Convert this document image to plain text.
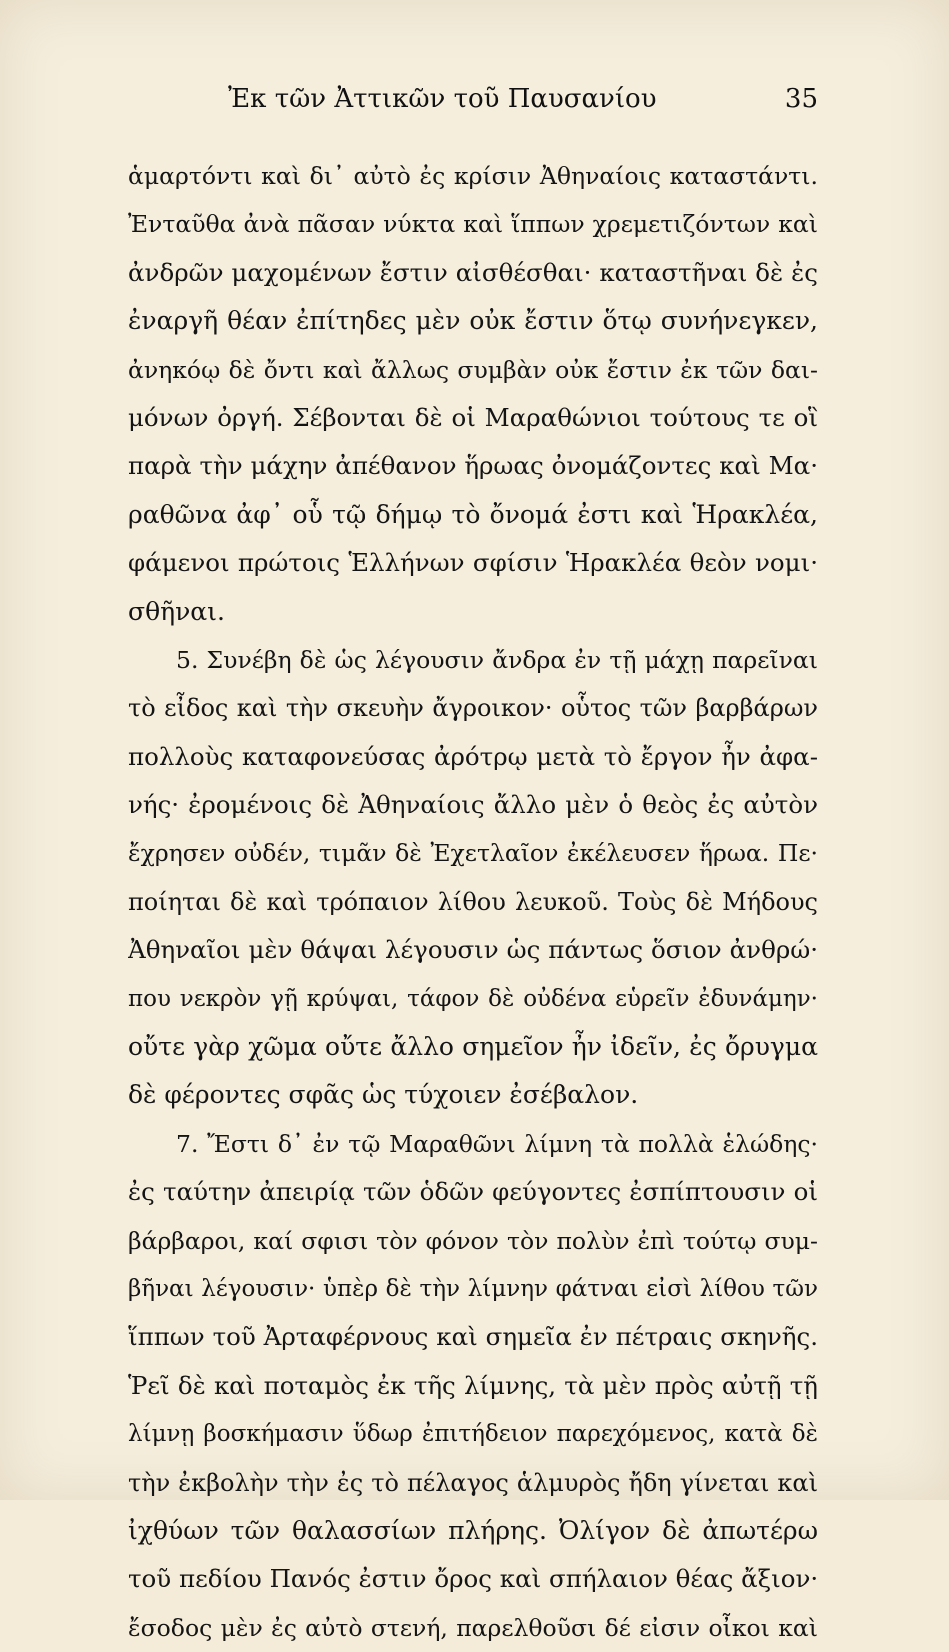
Ἐκ τῶν Ἀττικῶν τοῦ Παυσανίου	35
ἁμαρτόντι καὶ δι᾽ αὐτὸ ἐς κρίσιν Ἀθηναίοις καταστάντι.
Ἐνταῦθα ἀνὰ πᾶσαν νύκτα καὶ ἵππων χρεμετιζόντων καὶ
ἀνδρῶν μαχομένων ἔστιν αἰσθέσθαι· καταστῆναι δὲ ἐς
ἐναργῆ θέαν ἐπίτηδες μὲν οὐκ ἔστιν ὅτῳ συνήνεγκεν,
ἀνηκόῳ δὲ ὄντι καὶ ἄλλως συμβὰν οὐκ ἔστιν ἐκ τῶν δαι-
μόνων ὀργή. Σέβονται δὲ οἱ Μαραθώνιοι τούτους τε οἳ
παρὰ τὴν μάχην ἀπέθανον ἥρωας ὀνομάζοντες καὶ Μα·
ραθῶνα ἀφ᾽ οὗ τῷ δήμῳ τὸ ὄνομά ἐστι καὶ Ἡρακλέα,
φάμενοι πρώτοις Ἑλλήνων σφίσιν Ἡρακλέα θεὸν νομι·
σθῆναι.
5. Συνέβη δὲ ὡς λέγουσιν ἄνδρα ἐν τῇ μάχῃ παρεῖναι
τὸ εἶδος καὶ τὴν σκευὴν ἄγροικον· οὗτος τῶν βαρβάρων
πολλοὺς καταφονεύσας ἀρότρῳ μετὰ τὸ ἔργον ἦν ἀφα-
νής· ἐρομένοις δὲ Ἀθηναίοις ἄλλο μὲν ὁ θεὸς ἐς αὐτὸν
ἔχρησεν οὐδέν, τιμᾶν δὲ Ἐχετλαῖον ἐκέλευσεν ἥρωα. Πε·
ποίηται δὲ καὶ τρόπαιον λίθου λευκοῦ. Τοὺς δὲ Μήδους
Ἀθηναῖοι μὲν θάψαι λέγουσιν ὡς πάντως ὅσιον ἀνθρώ·
που νεκρὸν γῇ κρύψαι, τάφον δὲ οὐδένα εὑρεῖν ἐδυνάμην·
οὔτε γὰρ χῶμα οὔτε ἄλλο σημεῖον ἦν ἰδεῖν, ἐς ὄρυγμα
δὲ φέροντες σφᾶς ὡς τύχοιεν ἐσέβαλον.
7. Ἔστι δ᾽ ἐν τῷ Μαραθῶνι λίμνη τὰ πολλὰ ἑλώδης·
ἐς ταύτην ἀπειρίᾳ τῶν ὁδῶν φεύγοντες ἐσπίπτουσιν οἱ
βάρβαροι, καί σφισι τὸν φόνον τὸν πολὺν ἐπὶ τούτῳ συμ-
βῆναι λέγουσιν· ὑπὲρ δὲ τὴν λίμνην φάτναι εἰσὶ λίθου τῶν
ἵππων τοῦ Ἀρταφέρνους καὶ σημεῖα ἐν πέτραις σκηνῆς.
Ῥεῖ δὲ καὶ ποταμὸς ἐκ τῆς λίμνης, τὰ μὲν πρὸς αὐτῇ τῇ
λίμνῃ βοσκήμασιν ὕδωρ ἐπιτήδειον παρεχόμενος, κατὰ δὲ
τὴν ἐκβολὴν τὴν ἐς τὸ πέλαγος ἁλμυρὸς ἤδη γίνεται καὶ
ἰχθύων τῶν θαλασσίων πλήρης. Ὀλίγον δὲ ἀπωτέρω
τοῦ πεδίου Πανός ἐστιν ὄρος καὶ σπήλαιον θέας ἄξιον·
ἔσοδος μὲν ἐς αὐτὸ στενή, παρελθοῦσι δέ εἰσιν οἶκοι καὶ
